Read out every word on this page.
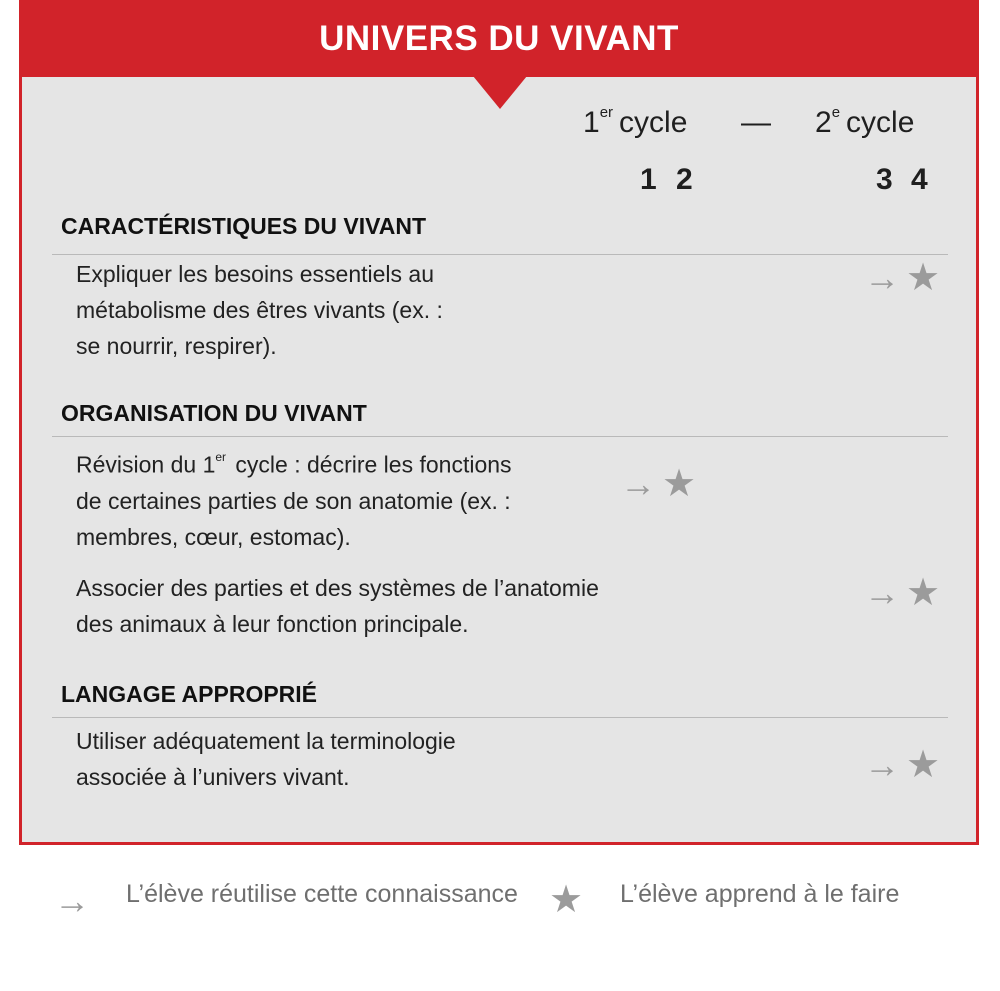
UNIVERS DU VIVANT
1er cycle — 2e cycle
1 2	3 4
CARACTÉRISTIQUES DU VIVANT
Expliquer les besoins essentiels au
métabolisme des êtres vivants (ex. :
se nourrir, respirer).
→ ★
ORGANISATION DU VIVANT
Révision du 1er cycle : décrire les fonctions
de certaines parties de son anatomie (ex. :
membres, cœur, estomac).
→ ★
Associer des parties et des systèmes de l’anatomie
des animaux à leur fonction principale.
→ ★
LANGAGE APPROPRIÉ
Utiliser adéquatement la terminologie
associée à l’univers vivant.	→ ★
→ L’élève réutilise cette connaissance ★ L’élève apprend à le faire
